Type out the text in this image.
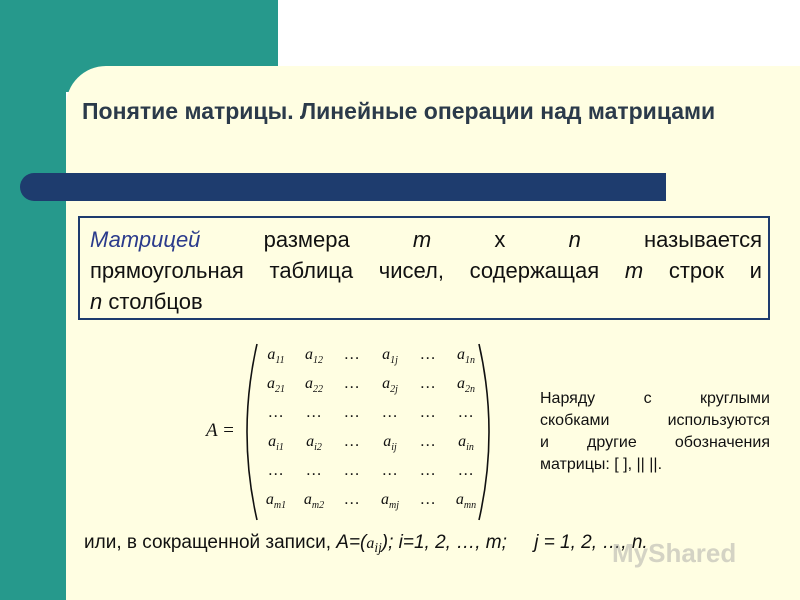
Понятие матрицы. Линейные операции над матрицами
Матрицей	размера	m	x	n	называется
прямоугольная таблица чисел, содержащая m строк и
n столбцов
A =
$a_{11}$	$a_{12}$	…	$a_{1j}$	…	$a_{1n}$
$a_{21}$	$a_{22}$	…	$a_{2j}$	…	$a_{2n}$
…	…	…	…	…	…
$a_{i1}$	$a_{i2}$	…	$a_{ij}$	…	$a_{in}$
…	…	…	…	…	…
$a_{m1}$	$a_{m2}$	…	$a_{mj}$	…	$a_{mn}$
Наряду с круглыми
скобками используются
и другие обозначения
матрицы: [ ], || ||.
или, в сокращенной записи, $A=(a_{ij})$; i=1, 2, …, m; j = 1, 2, …, n.
MyShared
